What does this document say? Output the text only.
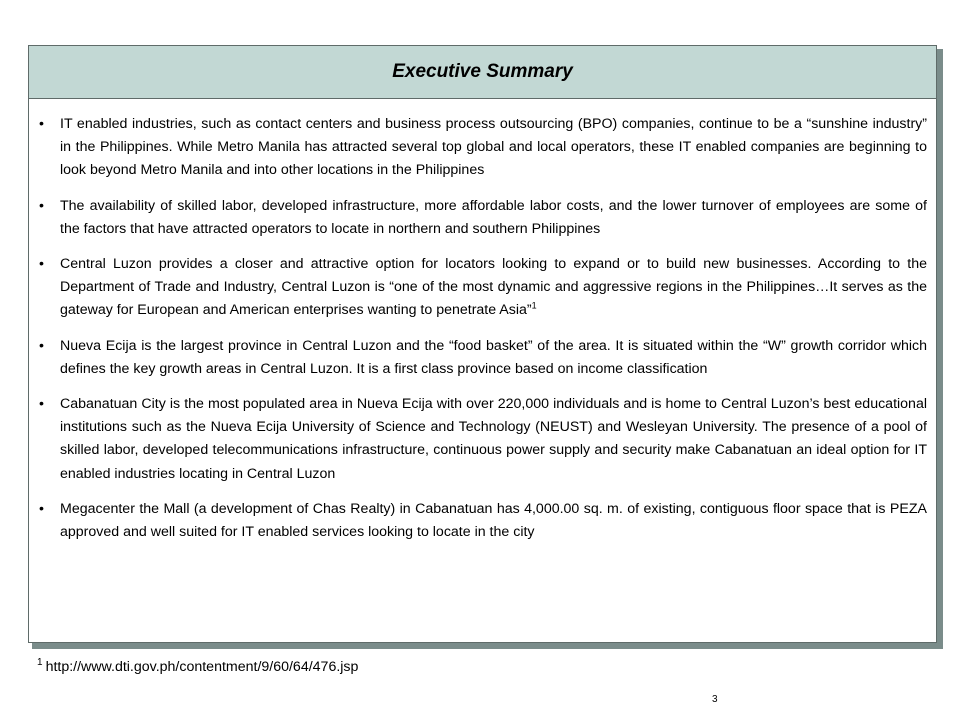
Executive Summary
•	IT enabled industries, such as contact centers and business process outsourcing (BPO) companies, continue to be a “sunshine industry” in the Philippines. While Metro Manila has attracted several top global and local operators, these IT enabled companies are beginning to look beyond Metro Manila and into other locations in the Philippines
•	The availability of skilled labor, developed infrastructure, more affordable labor costs, and the lower turnover of employees are some of the factors that have attracted operators to locate in northern and southern Philippines
•	Central Luzon provides a closer and attractive option for locators looking to expand or to build new businesses. According to the Department of Trade and Industry, Central Luzon is “one of the most dynamic and aggressive regions in the Philippines…It serves as the gateway for European and American enterprises wanting to penetrate Asia”$^1$
•	Nueva Ecija is the largest province in Central Luzon and the “food basket” of the area. It is situated within the “W” growth corridor which defines the key growth areas in Central Luzon. It is a first class province based on income classification
•	Cabanatuan City is the most populated area in Nueva Ecija with over 220,000 individuals and is home to Central Luzon’s best educational institutions such as the Nueva Ecija University of Science and Technology (NEUST) and Wesleyan University. The presence of a pool of skilled labor, developed telecommunications infrastructure, continuous power supply and security make Cabanatuan an ideal option for IT enabled industries locating in Central Luzon
•	Megacenter the Mall (a development of Chas Realty) in Cabanatuan has 4,000.00 sq. m. of existing, contiguous floor space that is PEZA approved and well suited for IT enabled services looking to locate in the city
$^1$ http://www.dti.gov.ph/contentment/9/60/64/476.jsp
3
